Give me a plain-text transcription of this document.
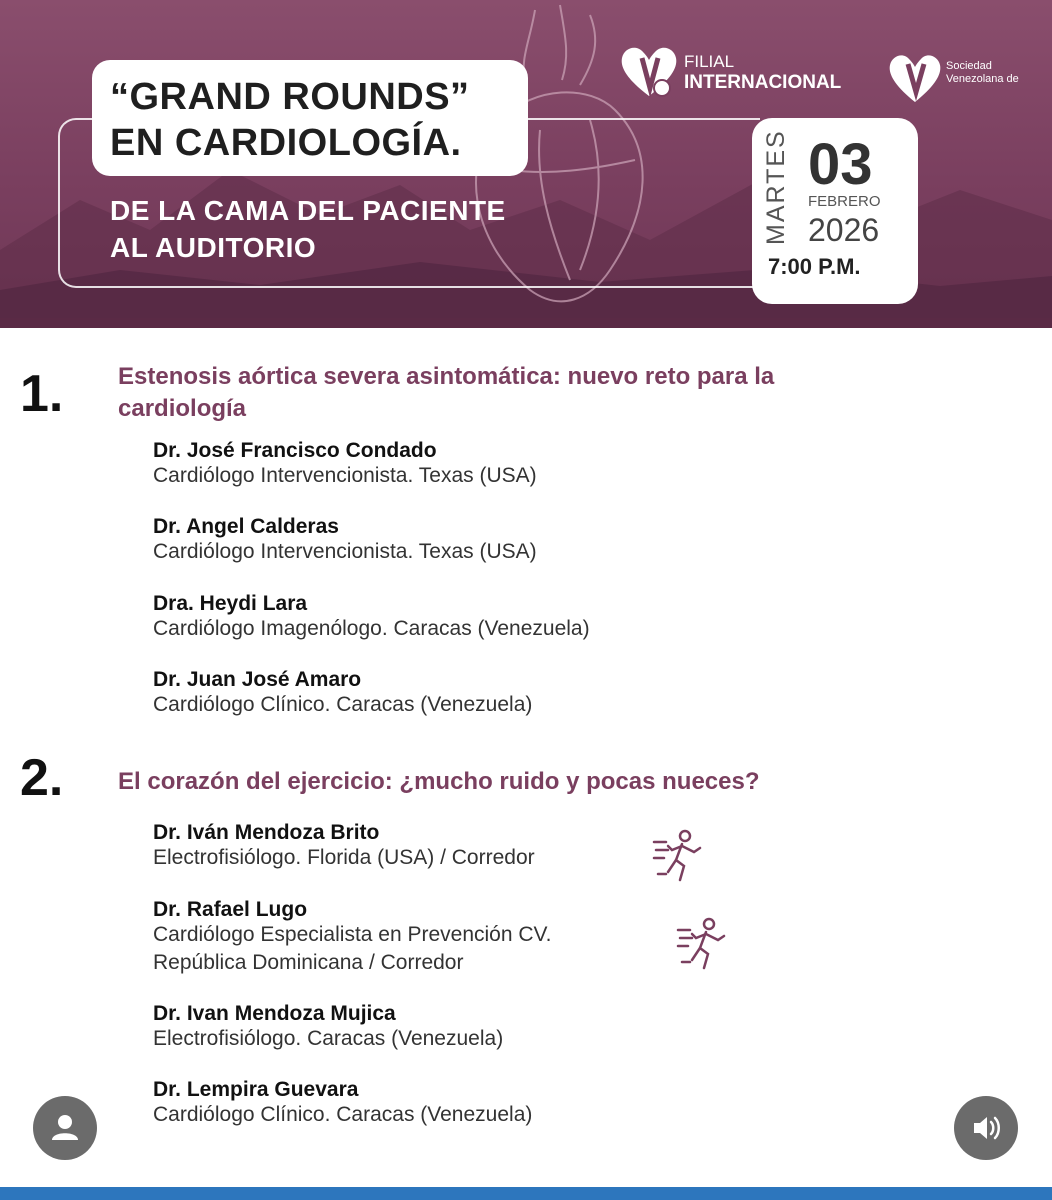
“GRAND ROUNDS”
EN CARDIOLOGÍA.
DE LA CAMA DEL PACIENTE
AL AUDITORIO
FILIAL
INTERNACIONAL
Sociedad
Venezolana de
MARTES 03
FEBRERO
2026
7:00 P.M.
1. Estenosis aórtica severa asintomática: nuevo reto para la
cardiología
Dr. José Francisco Condado
Cardiólogo Intervencionista. Texas (USA)
Dr. Angel Calderas
Cardiólogo Intervencionista. Texas (USA)
Dra. Heydi Lara
Cardiólogo Imagenólogo. Caracas (Venezuela)
Dr. Juan José Amaro
Cardiólogo Clínico. Caracas (Venezuela)
2. El corazón del ejercicio: ¿mucho ruido y pocas nueces?
Dr. Iván Mendoza Brito
Electrofisiólogo. Florida (USA) / Corredor
Dr. Rafael Lugo
Cardiólogo Especialista en Prevención CV.
República Dominicana / Corredor
Dr. Ivan Mendoza Mujica
Electrofisiólogo. Caracas (Venezuela)
Dr. Lempira Guevara
Cardiólogo Clínico. Caracas (Venezuela)
